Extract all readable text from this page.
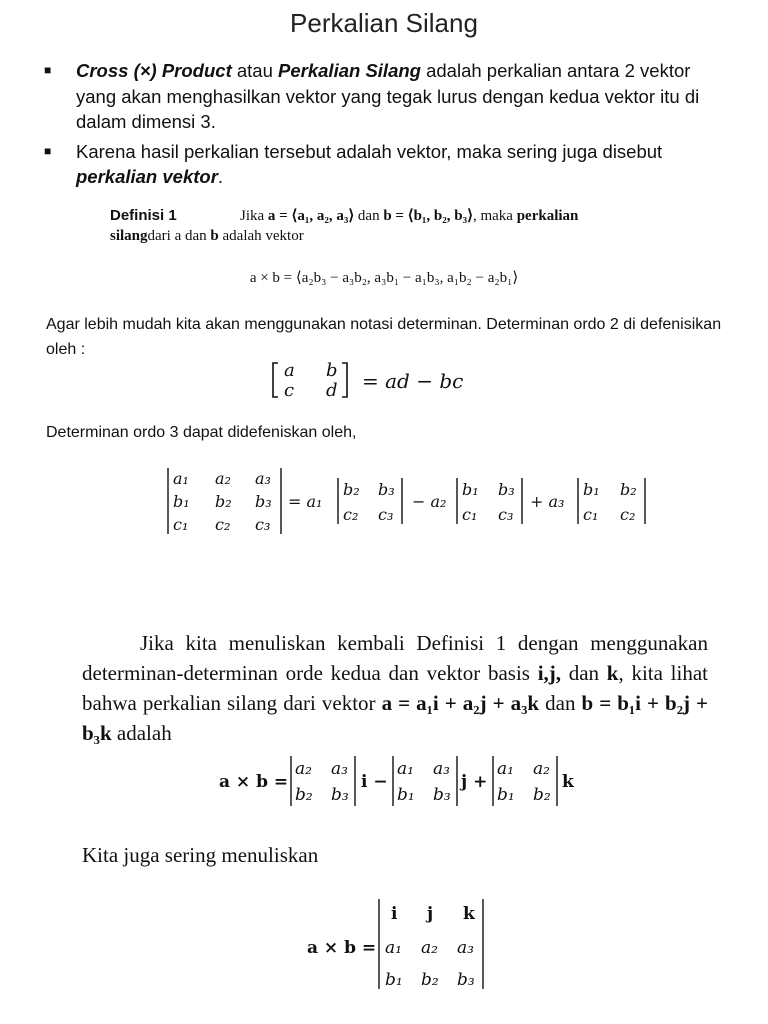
Perkalian Silang
■ Cross (×) Product atau Perkalian Silang adalah perkalian antara 2 vektor yang akan menghasilkan vektor yang tegak lurus dengan kedua vektor itu di dalam dimensi 3.
■ Karena hasil perkalian tersebut adalah vektor, maka sering juga disebut perkalian vektor.
Definisi 1	Jika a = ⟨a₁, a₂, a₃⟩ dan b = ⟨b₁, b₂, b₃⟩, maka perkalian
silangdari a dan b adalah vektor
a × b = ⟨a₂b₃ − a₃b₂, a₃b₁ − a₁b₃, a₁b₂ − a₂b₁⟩
Agar lebih mudah kita akan menggunakan notasi determinan. Determinan ordo 2 di defenisikan oleh :
a b
c d = ad − bc
Determinan ordo 3 dapat didefeniskan oleh,
a₁ a₂ a₃
b₁ b₂ b₃
c₁ c₂ c₃
= a₁
b₂ b₃
c₂ c₃
− a₂
b₁ b₃
c₁ c₃
+ a₃
b₁ b₂
c₁ c₂
Jika kita menuliskan kembali Definisi 1 dengan menggunakan determinan-determinan orde kedua dan vektor basis i,j, dan k, kita lihat bahwa perkalian silang dari vektor a = a₁i + a₂j + a₃k dan b = b₁i + b₂j + b₃k adalah
a × b =
a₂ a₃
b₂ b₃
i −
a₁ a₃
b₁ b₃
j +
a₁ a₂
b₁ b₂
k
Kita juga sering menuliskan
a × b =
i j k
a₁ a₂ a₃
b₁ b₂ b₃
